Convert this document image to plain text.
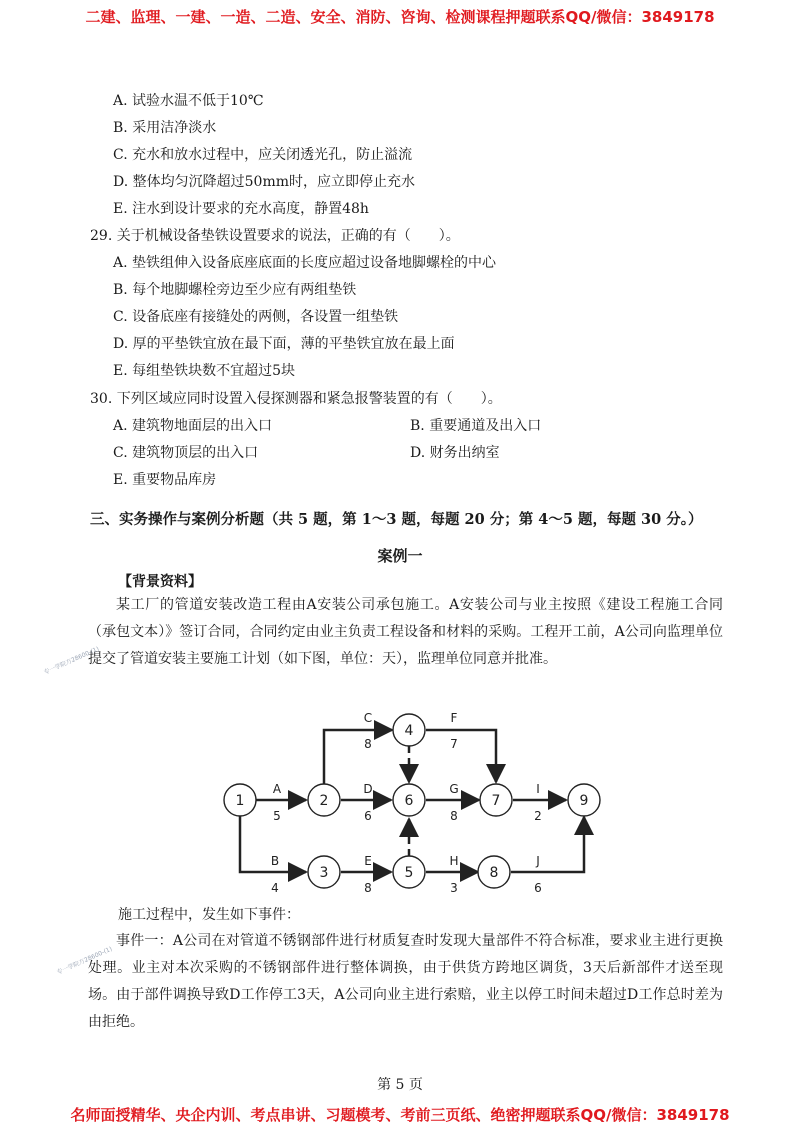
二建、监理、一建、一造、二造、安全、消防、咨询、检测课程押题联系QQ/微信：3849178
A. 试验水温不低于10℃
B. 采用洁净淡水
C. 充水和放水过程中，应关闭透光孔，防止溢流
D. 整体均匀沉降超过50mm时，应立即停止充水
E. 注水到设计要求的充水高度，静置48h
29. 关于机械设备垫铁设置要求的说法，正确的有（　　）。
A. 垫铁组伸入设备底座底面的长度应超过设备地脚螺栓的中心
B. 每个地脚螺栓旁边至少应有两组垫铁
C. 设备底座有接缝处的两侧，各设置一组垫铁
D. 厚的平垫铁宜放在最下面，薄的平垫铁宜放在最上面
E. 每组垫铁块数不宜超过5块
30. 下列区域应同时设置入侵探测器和紧急报警装置的有（　　）。
A. 建筑物地面层的出入口	B. 重要通道及出入口
C. 建筑物顶层的出入口	D. 财务出纳室
E. 重要物品库房
三、实务操作与案例分析题（共 5 题，第 1～3 题，每题 20 分；第 4～5 题，每题 30 分。）
案例一
【背景资料】
某工厂的管道安装改造工程由A安装公司承包施工。A安装公司与业主按照《建设工程施工合同（承包文本）》签订合同，合同约定由业主负责工程设备和材料的采购。工程开工前，A公司向监理单位提交了管道安装主要施工计划（如下图，单位：天），监理单位同意并批准。
专一学院方28600-(1)
专一学院方28600-(1)
1	2
3
4
5
6	7
8
9
A
5
B
4
C
8
D
6
E
8
F
7
G
8
H
3
I
2
J
6
施工过程中，发生如下事件：
事件一：A公司在对管道不锈钢部件进行材质复查时发现大量部件不符合标准，要求业主进行更换处理。业主对本次采购的不锈钢部件进行整体调换，由于供货方跨地区调货，3天后新部件才送至现场。由于部件调换导致D工作停工3天，A公司向业主进行索赔，业主以停工时间未超过D工作总时差为由拒绝。
第 5 页
名师面授精华、央企内训、考点串讲、习题模考、考前三页纸、绝密押题联系QQ/微信：3849178
